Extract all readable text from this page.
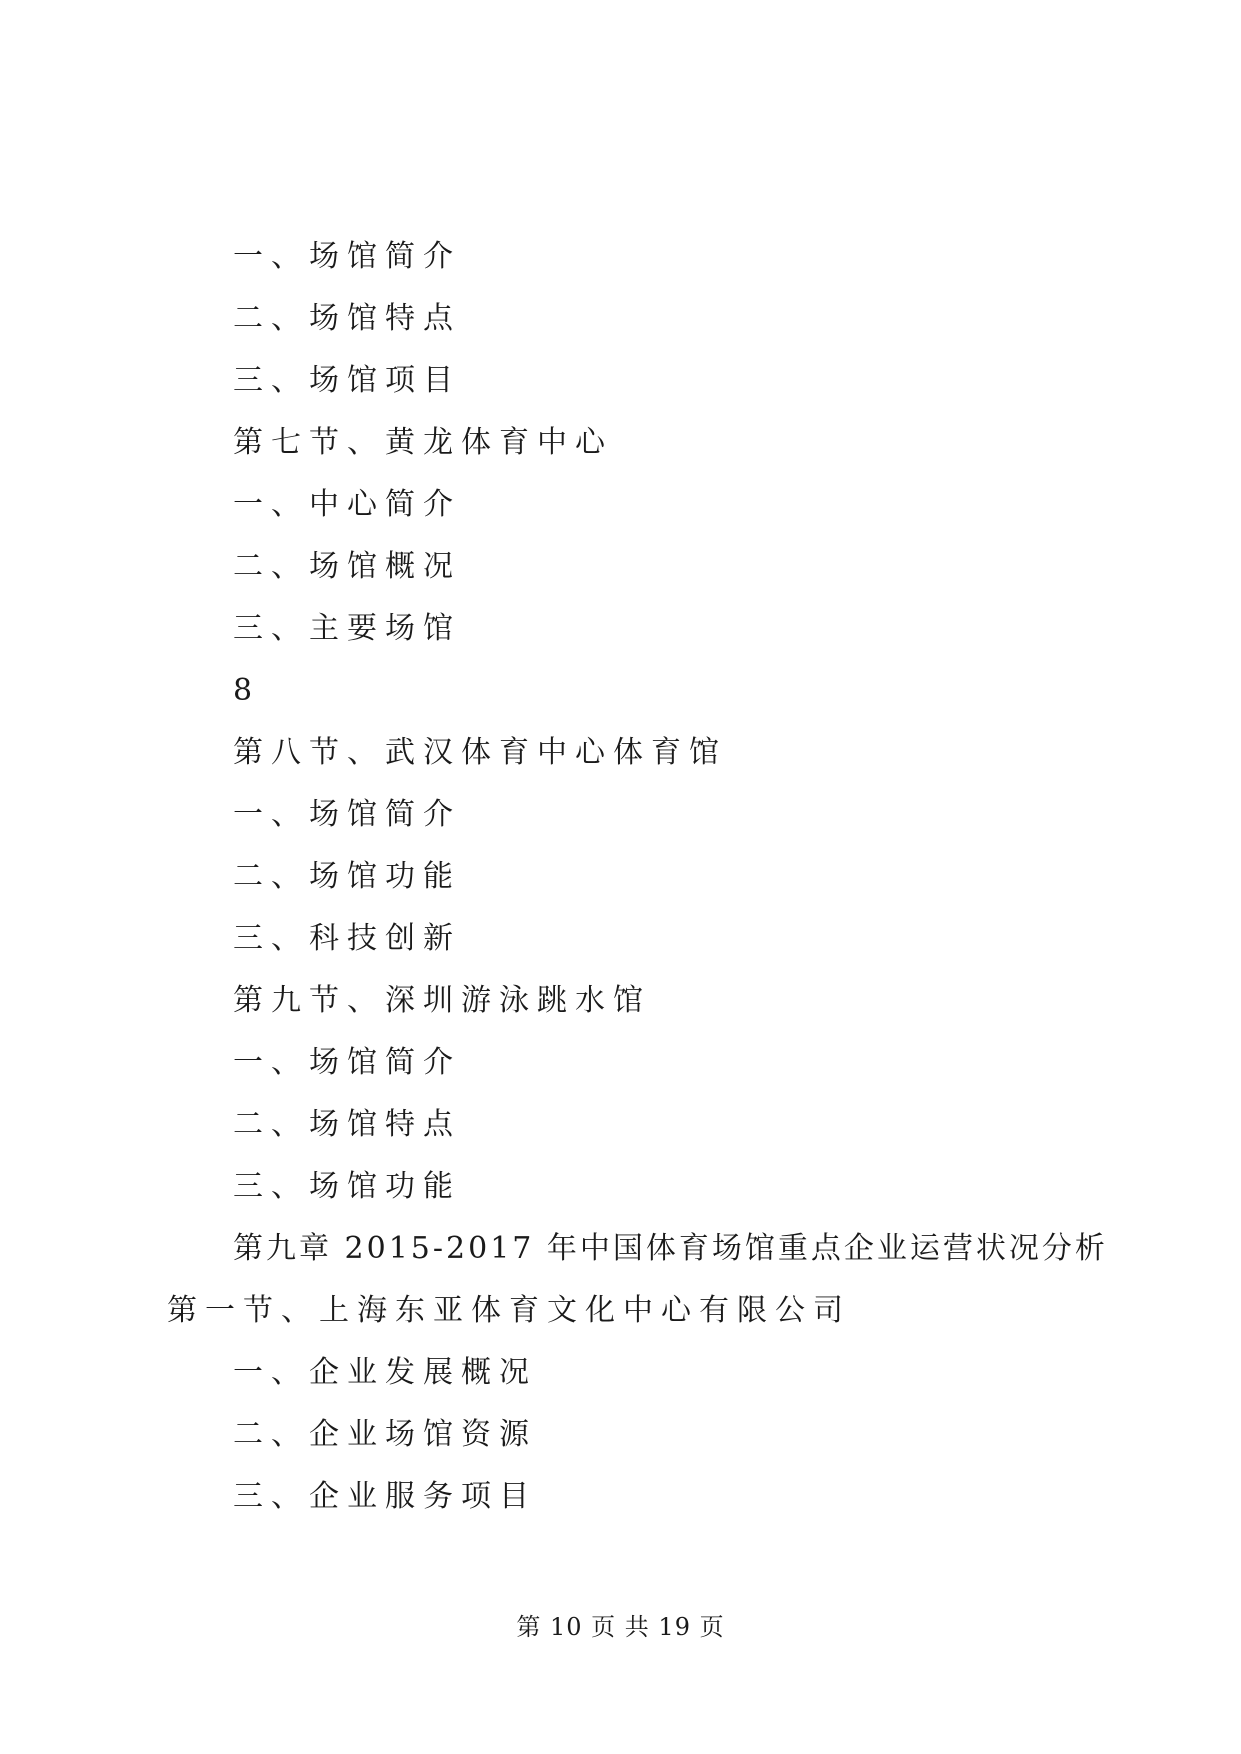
一、场馆简介
二、场馆特点
三、场馆项目
第七节、黄龙体育中心
一、中心简介
二、场馆概况
三、主要场馆
8
第八节、武汉体育中心体育馆
一、场馆简介
二、场馆功能
三、科技创新
第九节、深圳游泳跳水馆
一、场馆简介
二、场馆特点
三、场馆功能
第九章 2015-2017 年中国体育场馆重点企业运营状况分析
第一节、上海东亚体育文化中心有限公司
一、企业发展概况
二、企业场馆资源
三、企业服务项目
第 10 页 共 19 页
